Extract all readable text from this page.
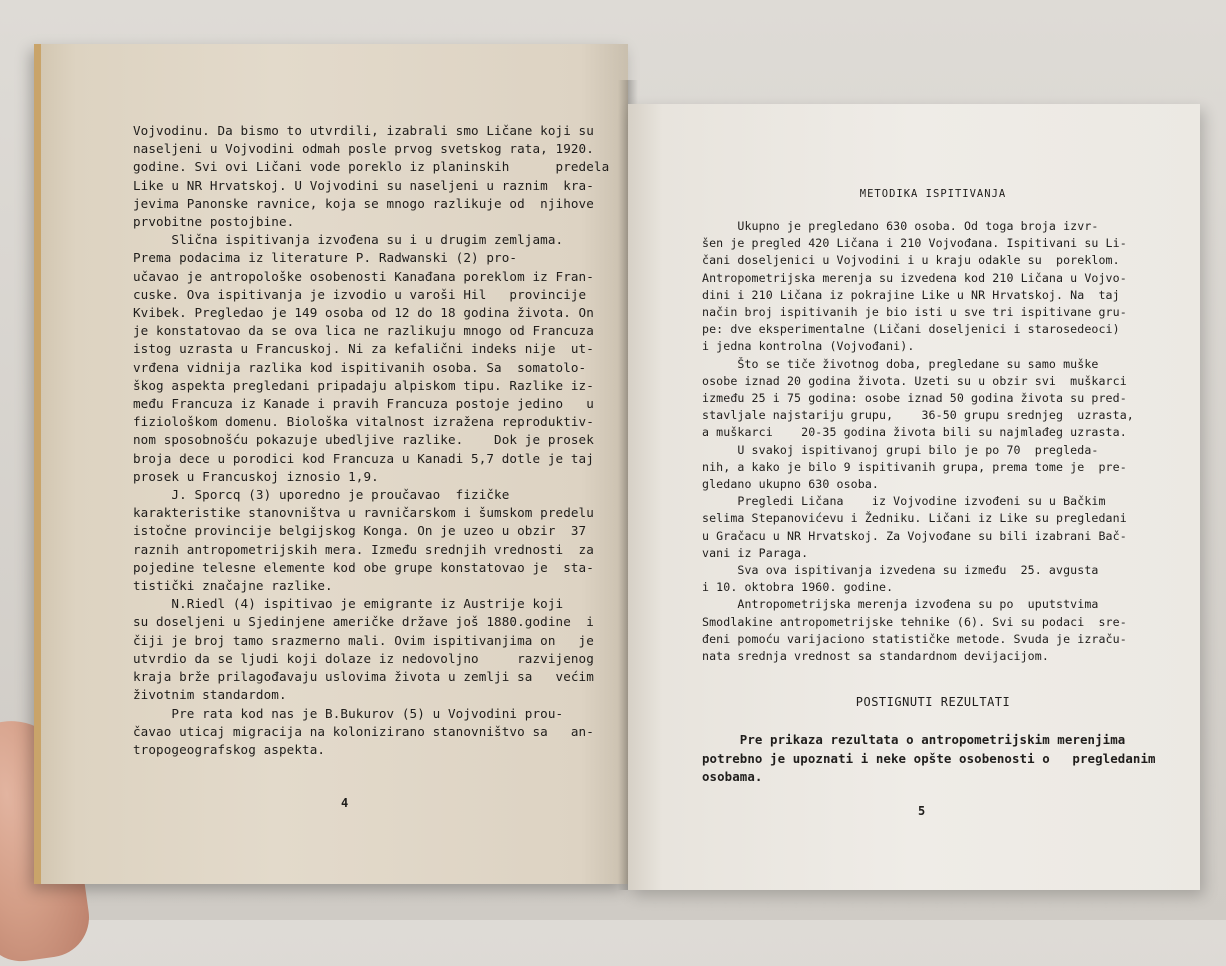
Vojvodinu. Da bismo to utvrdili, izabrali smo Ličane koji su
naseljeni u Vojvodini odmah posle prvog svetskog rata, 1920.
godine. Svi ovi Ličani vode poreklo iz planinskih      predela
Like u NR Hrvatskoj. U Vojvodini su naseljeni u raznim  kra-
jevima Panonske ravnice, koja se mnogo razlikuje od  njihove
prvobitne postojbine.
Slična ispitivanja izvođena su i u drugim zemljama.
Prema podacima iz literature P. Radwanski (2) pro-
učavao je antropološke osobenosti Kanađana poreklom iz Fran-
cuske. Ova ispitivanja je izvodio u varoši Hil   provincije
Kvibek. Pregledao je 149 osoba od 12 do 18 godina života. On
je konstatovao da se ova lica ne razlikuju mnogo od Francuza
istog uzrasta u Francuskoj. Ni za kefalični indeks nije  ut-
vrđena vidnija razlika kod ispitivanih osoba. Sa  somatolo-
škog aspekta pregledani pripadaju alpiskom tipu. Razlike iz-
među Francuza iz Kanade i pravih Francuza postoje jedino   u
fiziološkom domenu. Biološka vitalnost izražena reproduktiv-
nom sposobnošću pokazuje ubedljive razlike.    Dok je prosek
broja dece u porodici kod Francuza u Kanadi 5,7 dotle je taj
prosek u Francuskoj iznosio 1,9.
J. Sporcq (3) uporedno je proučavao  fizičke
karakteristike stanovništva u ravničarskom i šumskom predelu
istočne provincije belgijskog Konga. On je uzeo u obzir  37
raznih antropometrijskih mera. Između srednjih vrednosti  za
pojedine telesne elemente kod obe grupe konstatovao je  sta-
tistički značajne razlike.
N.Riedl (4) ispitivao je emigrante iz Austrije koji
su doseljeni u Sjedinjene američke države još 1880.godine  i
čiji je broj tamo srazmerno mali. Ovim ispitivanjima on   je
utvrdio da se ljudi koji dolaze iz nedovoljno     razvijenog
kraja brže prilagođavaju uslovima života u zemlji sa   većim
životnim standardom.
Pre rata kod nas je B.Bukurov (5) u Vojvodini prou-
čavao uticaj migracija na kolonizirano stanovništvo sa   an-
tropogeografskog aspekta.
4
METODIKA ISPITIVANJA
Ukupno je pregledano 630 osoba. Od toga broja izvr-
šen je pregled 420 Ličana i 210 Vojvođana. Ispitivani su Li-
čani doseljenici u Vojvodini i u kraju odakle su  poreklom.
Antropometrijska merenja su izvedena kod 210 Ličana u Vojvo-
dini i 210 Ličana iz pokrajine Like u NR Hrvatskoj. Na  taj
način broj ispitivanih je bio isti u sve tri ispitivane gru-
pe: dve eksperimentalne (Ličani doseljenici i starosedeoci)
i jedna kontrolna (Vojvođani).
Što se tiče životnog doba, pregledane su samo muške
osobe iznad 20 godina života. Uzeti su u obzir svi  muškarci
između 25 i 75 godina: osobe iznad 50 godina života su pred-
stavljale najstariju grupu,    36-50 grupu srednjeg  uzrasta,
a muškarci    20-35 godina života bili su najmlađeg uzrasta.
U svakoj ispitivanoj grupi bilo je po 70  pregleda-
nih, a kako je bilo 9 ispitivanih grupa, prema tome je  pre-
gledano ukupno 630 osoba.
Pregledi Ličana    iz Vojvodine izvođeni su u Bačkim
selima Stepanovićevu i Žedniku. Ličani iz Like su pregledani
u Gračacu u NR Hrvatskoj. Za Vojvođane su bili izabrani Bač-
vani iz Paraga.
Sva ova ispitivanja izvedena su između  25. avgusta
i 10. oktobra 1960. godine.
Antropometrijska merenja izvođena su po  uputstvima
Smodlakine antropometrijske tehnike (6). Svi su podaci  sre-
đeni pomoću varijaciono statističke metode. Svuda je izraču-
nata srednja vrednost sa standardnom devijacijom.
POSTIGNUTI REZULTATI
Pre prikaza rezultata o antropometrijskim merenjima
potrebno je upoznati i neke opšte osobenosti o   pregledanim
osobama.
5
